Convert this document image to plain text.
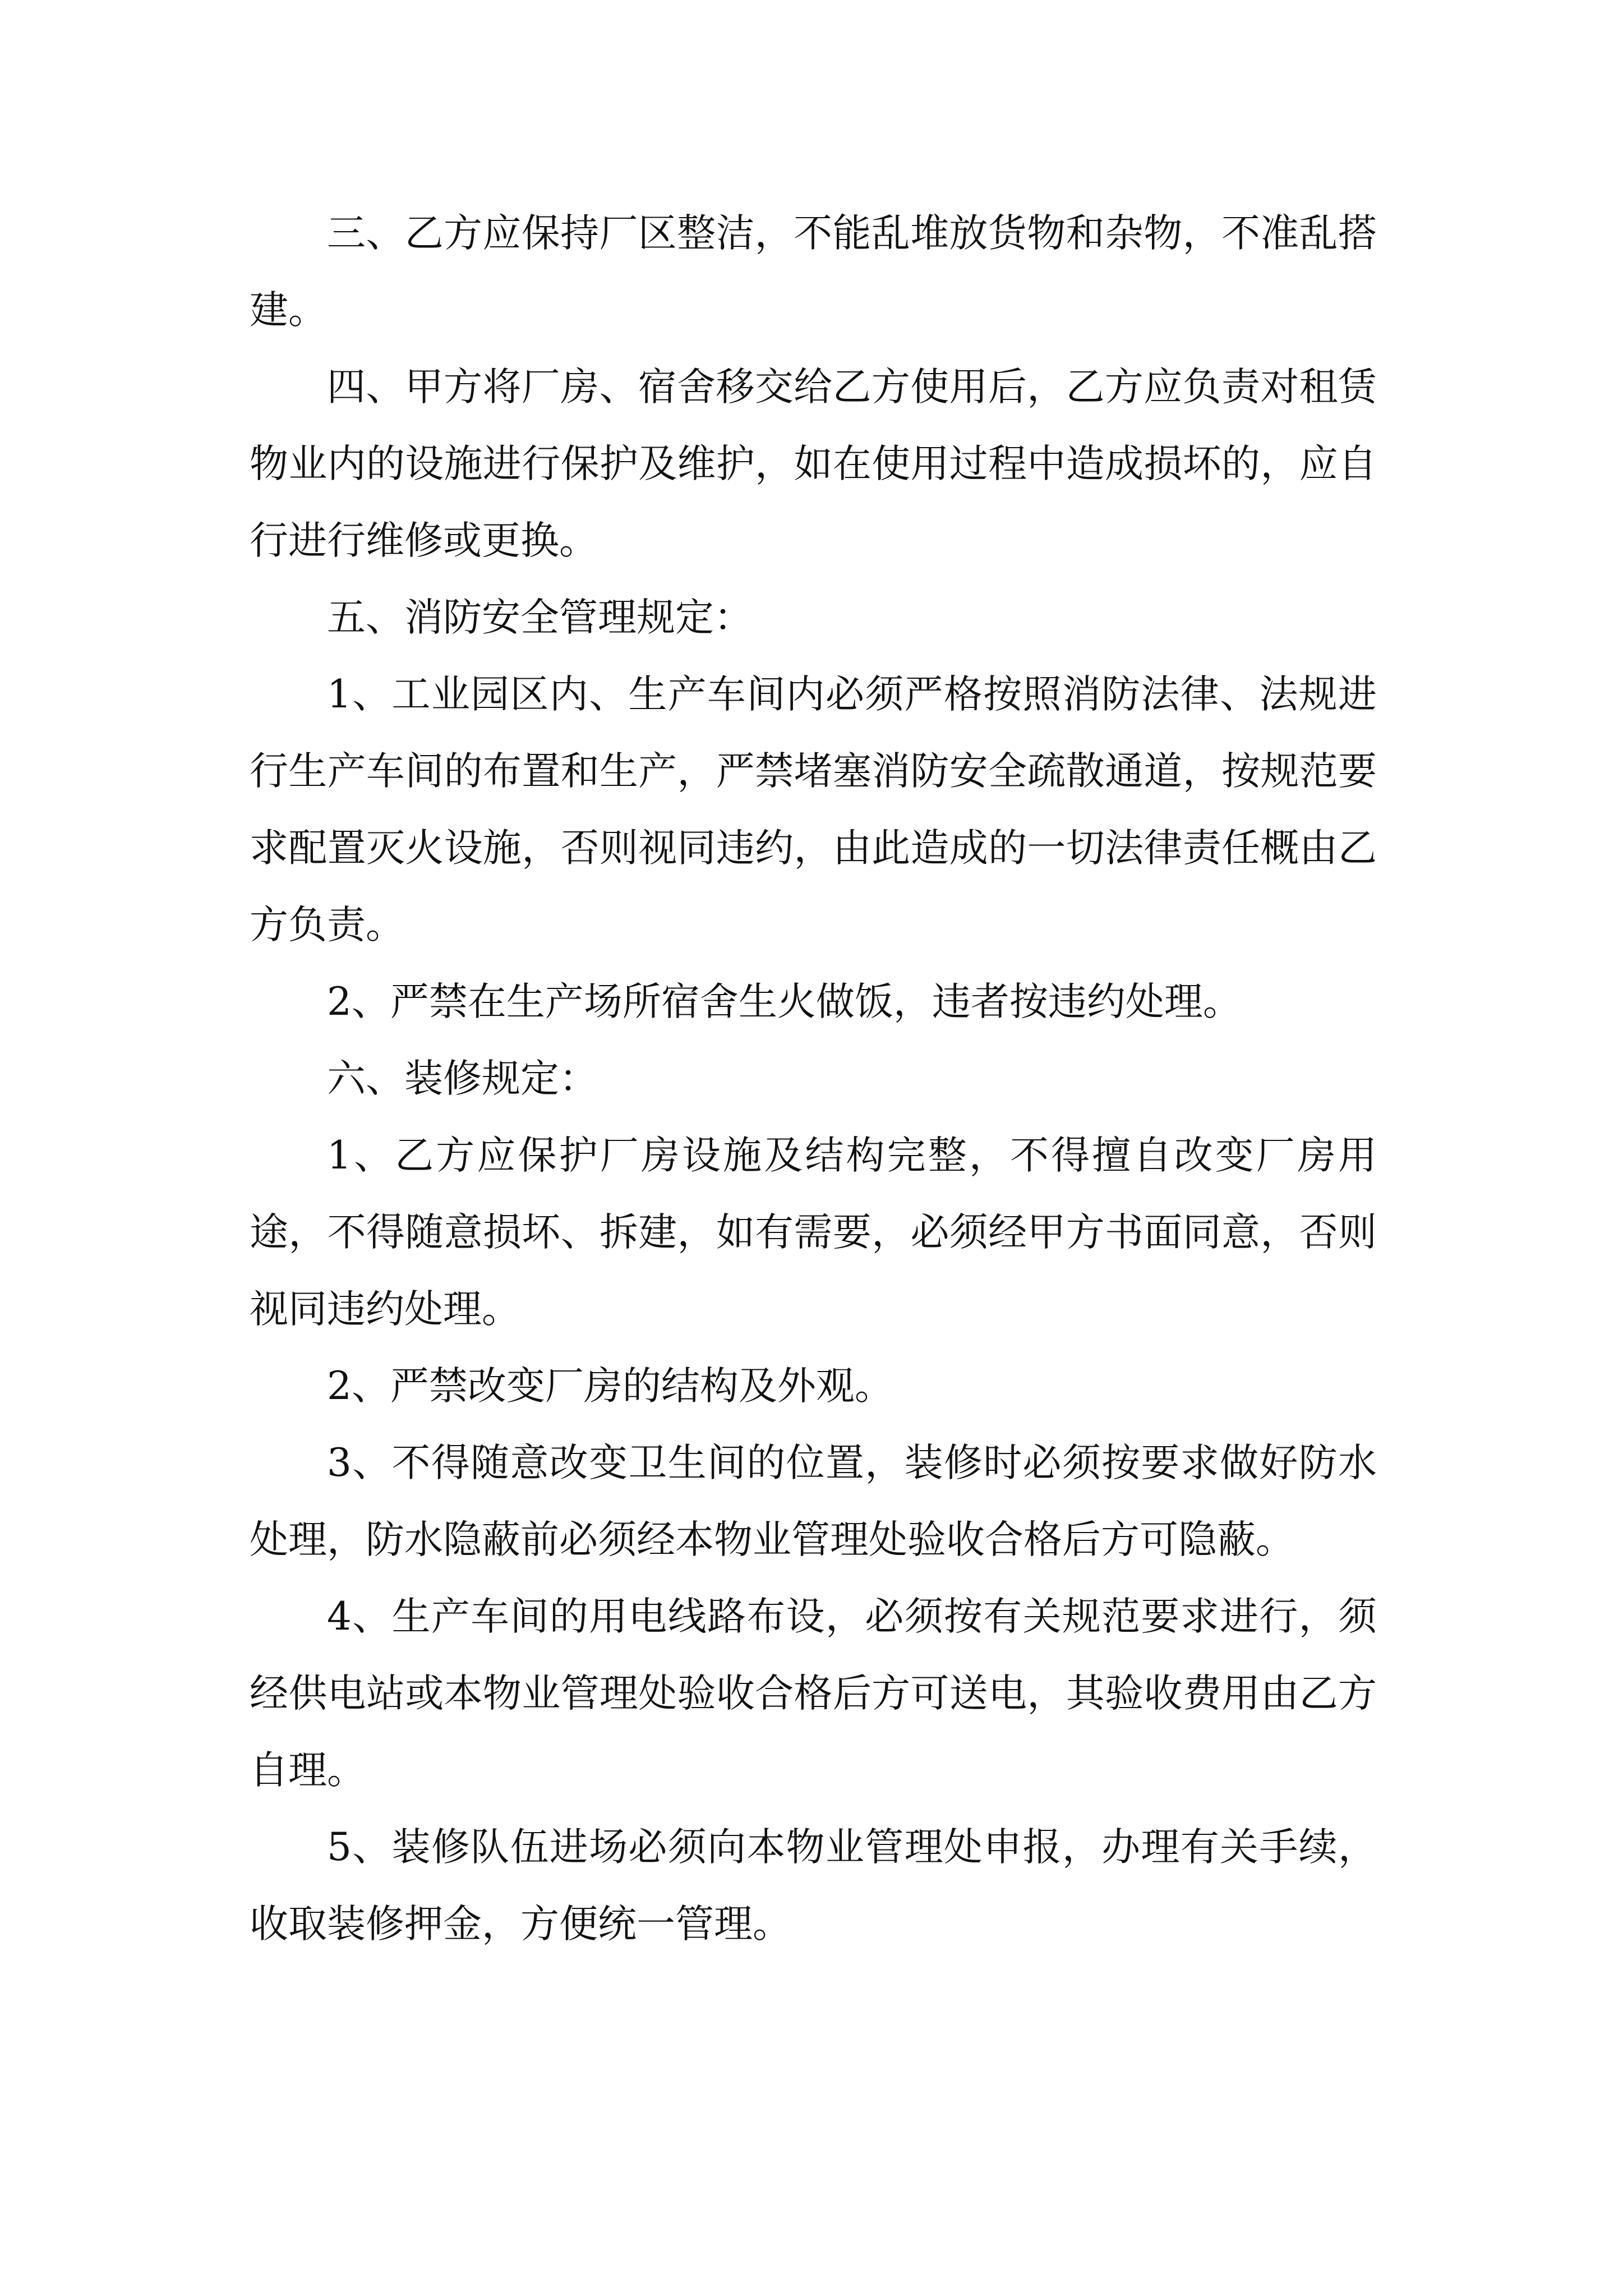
三、乙方应保持厂区整洁，不能乱堆放货物和杂物，不准乱搭建。

四、甲方将厂房、宿舍移交给乙方使用后，乙方应负责对租赁物业内的设施进行保护及维护，如在使用过程中造成损坏的，应自行进行维修或更换。

五、消防安全管理规定：

1、工业园区内、生产车间内必须严格按照消防法律、法规进行生产车间的布置和生产，严禁堵塞消防安全疏散通道，按规范要求配置灭火设施，否则视同违约，由此造成的一切法律责任概由乙方负责。

2、严禁在生产场所宿舍生火做饭，违者按违约处理。

六、装修规定：

1、乙方应保护厂房设施及结构完整，不得擅自改变厂房用途，不得随意损坏、拆建，如有需要，必须经甲方书面同意，否则视同违约处理。

2、严禁改变厂房的结构及外观。

3、不得随意改变卫生间的位置，装修时必须按要求做好防水处理，防水隐蔽前必须经本物业管理处验收合格后方可隐蔽。

4、生产车间的用电线路布设，必须按有关规范要求进行，须经供电站或本物业管理处验收合格后方可送电，其验收费用由乙方自理。

5、装修队伍进场必须向本物业管理处申报，办理有关手续，收取装修押金，方便统一管理。
